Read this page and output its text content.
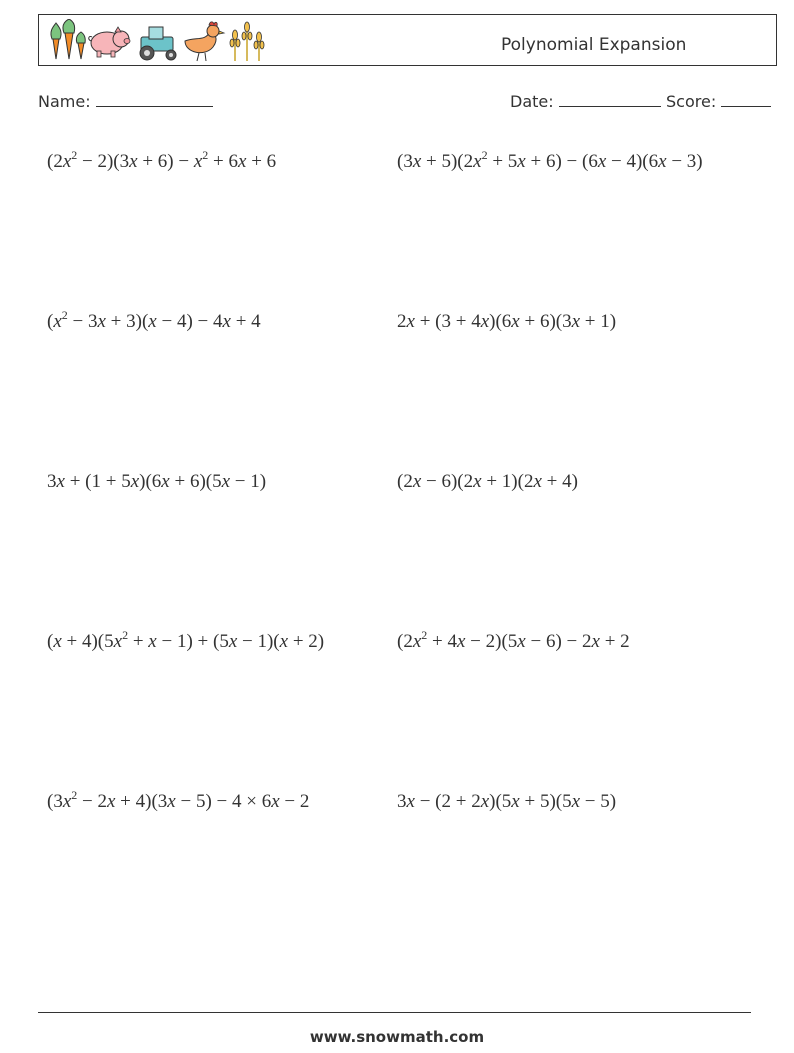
Polynomial Expansion
Name:	Date:	Score:
$(2x^2 - 2)(3x + 6) - x^2 + 6x + 6$	$(3x + 5)(2x^2 + 5x + 6) - (6x - 4)(6x - 3)$
$(x^2 - 3x + 3)(x - 4) - 4x + 4$	2x + (3 + 4x)(6x + 6)(3x + 1)
3x + (1 + 5x)(6x + 6)(5x − 1)	(2x − 6)(2x + 1)(2x + 4)
$(x + 4)(5x^2 + x - 1) + (5x - 1)(x + 2)$	$(2x^2 + 4x - 2)(5x - 6) - 2x + 2$
$(3x^2 - 2x + 4)(3x - 5) - 4 \times 6x - 2$	3x − (2 + 2x)(5x + 5)(5x − 5)
www.snowmath.com
